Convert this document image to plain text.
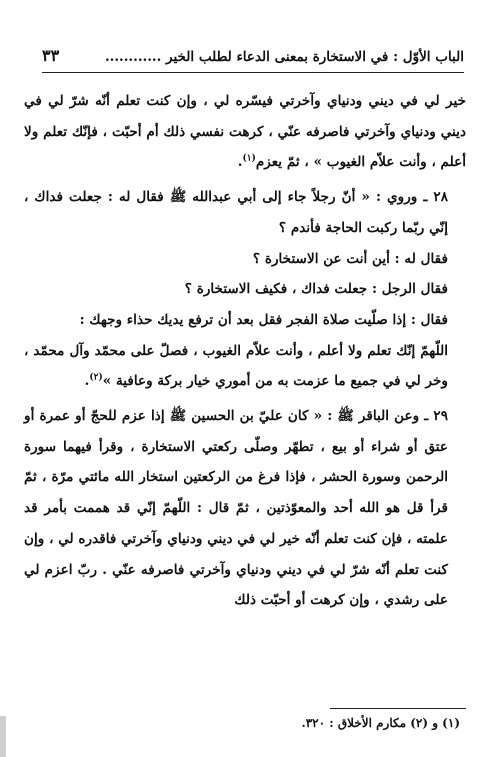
الباب الأوّل : في الاستخارة بمعنى الدعاء لطلب الخير ............
٣٣

خير لي في ديني ودنياي وآخرتي فيسّره لي ، وإن كنت تعلم أنّه شرّ لي في ديني ودنياي وآخرتي فاصرفه عنّي ، كرهت نفسي ذلك أم أحبّت ، فإنّك تعلم ولا أعلم ، وأنت علاّم الغيوب » ، ثمّ يعزم$^{(١)}$.

٢٨ ـ وروي : « أنّ رجلاً جاء إلى أبي عبدالله ﷺ فقال له : جعلت فداك ، إنّي ربّما ركبت الحاجة فأندم ؟

فقال له : أين أنت عن الاستخارة ؟

فقال الرجل : جعلت فداك ، فكيف الاستخارة ؟

فقال : إذا صلّيت صلاة الفجر فقل بعد أن ترفع يديك حذاء وجهك :

اللّهمّ إنّك تعلم ولا أعلم ، وأنت علاّم الغيوب ، فصلّ على محمّد وآل محمّد ، وخر لي في جميع ما عزمت به من أموري خيار بركة وعافية »$^{(٢)}$.

٢٩ ـ وعن الباقر ﷺ : « كان عليّ بن الحسين ﷺ إذا عزم للحجّ أو عمرة أو عتق أو شراء أو بيع ، تطهّر وصلّى ركعتي الاستخارة ، وقرأ فيهما سورة الرحمن وسورة الحشر ، فإذا فرغ من الركعتين استخار الله مائتي مرّة ، ثمّ قرأ قل هو الله أحد والمعوّذتين ، ثمّ قال : اللّهمّ إنّي قد هممت بأمر قد علمته ، فإن كنت تعلم أنّه خير لي في ديني ودنياي وآخرتي فاقدره لي ، وإن كنت تعلم أنّه شرّ لي في ديني ودنياي وآخرتي فاصرفه عنّي . ربّ اعزم لي على رشدي ، وإن كرهت أو أحبّت ذلك

(١) و (٢) مكارم الأخلاق : ٣٢٠.
